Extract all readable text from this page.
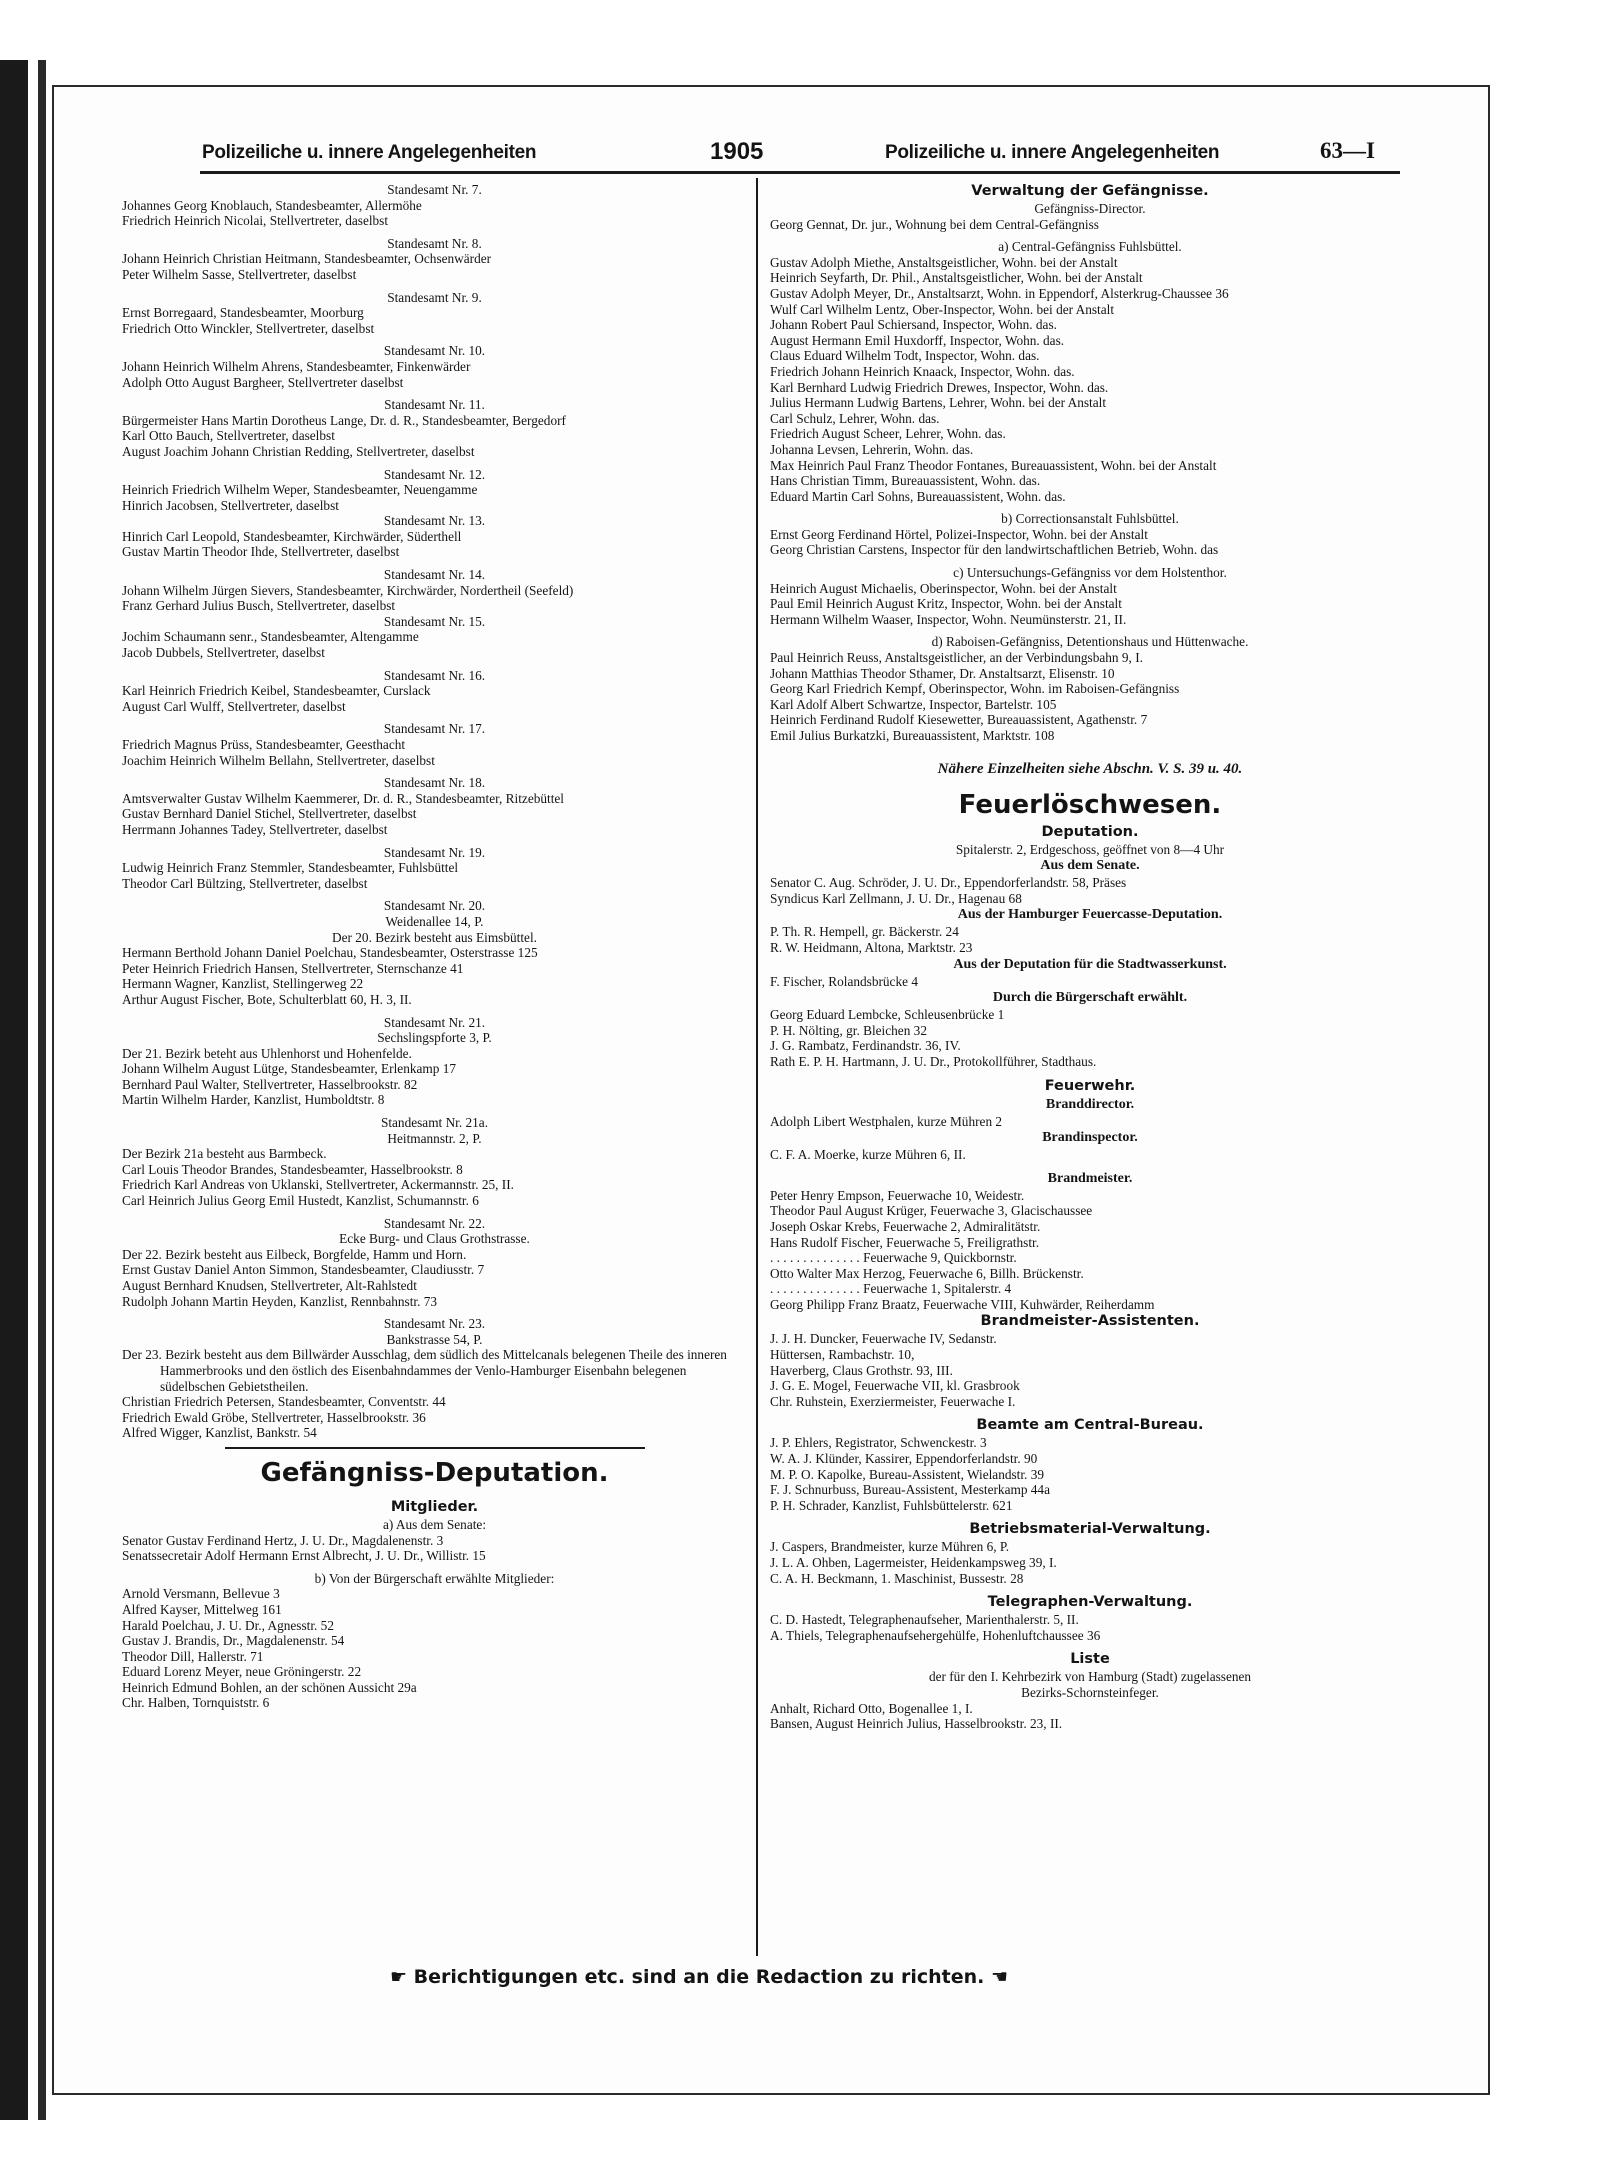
Polizeiliche u. innere Angelegenheiten	1905	Polizeiliche u. innere Angelegenheiten	63—I
Standesamt Nr. 7.
Johannes Georg Knoblauch, Standesbeamter, Allermöhe
Friedrich Heinrich Nicolai, Stellvertreter, daselbst
Standesamt Nr. 8.
Johann Heinrich Christian Heitmann, Standesbeamter, Ochsenwärder
Peter Wilhelm Sasse, Stellvertreter, daselbst
Standesamt Nr. 9.
Ernst Borregaard, Standesbeamter, Moorburg
Friedrich Otto Winckler, Stellvertreter, daselbst
Standesamt Nr. 10.
Johann Heinrich Wilhelm Ahrens, Standesbeamter, Finkenwärder
Adolph Otto August Bargheer, Stellvertreter daselbst
Standesamt Nr. 11.
Bürgermeister Hans Martin Dorotheus Lange, Dr. d. R., Standesbeamter, Bergedorf
Karl Otto Bauch, Stellvertreter, daselbst
August Joachim Johann Christian Redding, Stellvertreter, daselbst
Standesamt Nr. 12.
Heinrich Friedrich Wilhelm Weper, Standesbeamter, Neuengamme
Hinrich Jacobsen, Stellvertreter, daselbst
Standesamt Nr. 13.
Hinrich Carl Leopold, Standesbeamter, Kirchwärder, Süderthell
Gustav Martin Theodor Ihde, Stellvertreter, daselbst
Standesamt Nr. 14.
Johann Wilhelm Jürgen Sievers, Standesbeamter, Kirchwärder, Nordertheil (Seefeld)
Franz Gerhard Julius Busch, Stellvertreter, daselbst
Standesamt Nr. 15.
Jochim Schaumann senr., Standesbeamter, Altengamme
Jacob Dubbels, Stellvertreter, daselbst
Standesamt Nr. 16.
Karl Heinrich Friedrich Keibel, Standesbeamter, Curslack
August Carl Wulff, Stellvertreter, daselbst
Standesamt Nr. 17.
Friedrich Magnus Prüss, Standesbeamter, Geesthacht
Joachim Heinrich Wilhelm Bellahn, Stellvertreter, daselbst
Standesamt Nr. 18.
Amtsverwalter Gustav Wilhelm Kaemmerer, Dr. d. R., Standesbeamter, Ritzebüttel
Gustav Bernhard Daniel Stichel, Stellvertreter, daselbst
Herrmann Johannes Tadey, Stellvertreter, daselbst
Standesamt Nr. 19.
Ludwig Heinrich Franz Stemmler, Standesbeamter, Fuhlsbüttel
Theodor Carl Bültzing, Stellvertreter, daselbst
Standesamt Nr. 20.
Weidenallee 14, P.
Der 20. Bezirk besteht aus Eimsbüttel.
Hermann Berthold Johann Daniel Poelchau, Standesbeamter, Osterstrasse 125
Peter Heinrich Friedrich Hansen, Stellvertreter, Sternschanze 41
Hermann Wagner, Kanzlist, Stellingerweg 22
Arthur August Fischer, Bote, Schulterblatt 60, H. 3, II.
Standesamt Nr. 21.
Sechslingspforte 3, P.
Der 21. Bezirk beteht aus Uhlenhorst und Hohenfelde.
Johann Wilhelm August Lütge, Standesbeamter, Erlenkamp 17
Bernhard Paul Walter, Stellvertreter, Hasselbrookstr. 82
Martin Wilhelm Harder, Kanzlist, Humboldtstr. 8
Standesamt Nr. 21a.
Heitmannstr. 2, P.
Der Bezirk 21a besteht aus Barmbeck.
Carl Louis Theodor Brandes, Standesbeamter, Hasselbrookstr. 8
Friedrich Karl Andreas von Uklanski, Stellvertreter, Ackermannstr. 25, II.
Carl Heinrich Julius Georg Emil Hustedt, Kanzlist, Schumannstr. 6
Standesamt Nr. 22.
Ecke Burg- und Claus Grothstrasse.
Der 22. Bezirk besteht aus Eilbeck, Borgfelde, Hamm und Horn.
Ernst Gustav Daniel Anton Simmon, Standesbeamter, Claudiusstr. 7
August Bernhard Knudsen, Stellvertreter, Alt-Rahlstedt
Rudolph Johann Martin Heyden, Kanzlist, Rennbahnstr. 73
Standesamt Nr. 23.
Bankstrasse 54, P.
Der 23. Bezirk besteht aus dem Billwärder Ausschlag, dem südlich des Mittelcanals belegenen Theile des inneren Hammerbrooks und den östlich des Eisenbahndammes der Venlo-Hamburger Eisenbahn belegenen südelbschen Gebietstheilen.
Christian Friedrich Petersen, Standesbeamter, Conventstr. 44
Friedrich Ewald Gröbe, Stellvertreter, Hasselbrookstr. 36
Alfred Wigger, Kanzlist, Bankstr. 54
Gefängniss-Deputation.
Mitglieder.
a) Aus dem Senate:
Senator Gustav Ferdinand Hertz, J. U. Dr., Magdalenenstr. 3
Senatssecretair Adolf Hermann Ernst Albrecht, J. U. Dr., Willistr. 15
b) Von der Bürgerschaft erwählte Mitglieder:
Arnold Versmann, Bellevue 3
Alfred Kayser, Mittelweg 161
Harald Poelchau, J. U. Dr., Agnesstr. 52
Gustav J. Brandis, Dr., Magdalenenstr. 54
Theodor Dill, Hallerstr. 71
Eduard Lorenz Meyer, neue Gröningerstr. 22
Heinrich Edmund Bohlen, an der schönen Aussicht 29a
Chr. Halben, Tornquiststr. 6
Verwaltung der Gefängnisse.
Gefängniss-Director.
Georg Gennat, Dr. jur., Wohnung bei dem Central-Gefängniss
a) Central-Gefängniss Fuhlsbüttel.
Gustav Adolph Miethe, Anstaltsgeistlicher, Wohn. bei der Anstalt
Heinrich Seyfarth, Dr. Phil., Anstaltsgeistlicher, Wohn. bei der Anstalt
Gustav Adolph Meyer, Dr., Anstaltsarzt, Wohn. in Eppendorf, Alsterkrug-Chaussee 36
Wulf Carl Wilhelm Lentz, Ober-Inspector, Wohn. bei der Anstalt
Johann Robert Paul Schiersand, Inspector, Wohn. das.
August Hermann Emil Huxdorff, Inspector, Wohn. das.
Claus Eduard Wilhelm Todt, Inspector, Wohn. das.
Friedrich Johann Heinrich Knaack, Inspector, Wohn. das.
Karl Bernhard Ludwig Friedrich Drewes, Inspector, Wohn. das.
Julius Hermann Ludwig Bartens, Lehrer, Wohn. bei der Anstalt
Carl Schulz, Lehrer, Wohn. das.
Friedrich August Scheer, Lehrer, Wohn. das.
Johanna Levsen, Lehrerin, Wohn. das.
Max Heinrich Paul Franz Theodor Fontanes, Bureauassistent, Wohn. bei der Anstalt
Hans Christian Timm, Bureauassistent, Wohn. das.
Eduard Martin Carl Sohns, Bureauassistent, Wohn. das.
b) Correctionsanstalt Fuhlsbüttel.
Ernst Georg Ferdinand Hörtel, Polizei-Inspector, Wohn. bei der Anstalt
Georg Christian Carstens, Inspector für den landwirtschaftlichen Betrieb, Wohn. das
c) Untersuchungs-Gefängniss vor dem Holstenthor.
Heinrich August Michaelis, Oberinspector, Wohn. bei der Anstalt
Paul Emil Heinrich August Kritz, Inspector, Wohn. bei der Anstalt
Hermann Wilhelm Waaser, Inspector, Wohn. Neumünsterstr. 21, II.
d) Raboisen-Gefängniss, Detentionshaus und Hüttenwache.
Paul Heinrich Reuss, Anstaltsgeistlicher, an der Verbindungsbahn 9, I.
Johann Matthias Theodor Sthamer, Dr. Anstaltsarzt, Elisenstr. 10
Georg Karl Friedrich Kempf, Oberinspector, Wohn. im Raboisen-Gefängniss
Karl Adolf Albert Schwartze, Inspector, Bartelstr. 105
Heinrich Ferdinand Rudolf Kiesewetter, Bureauassistent, Agathenstr. 7
Emil Julius Burkatzki, Bureauassistent, Marktstr. 108
Nähere Einzelheiten siehe Abschn. V. S. 39 u. 40.
Feuerlöschwesen.
Deputation.
Spitalerstr. 2, Erdgeschoss, geöffnet von 8—4 Uhr
Aus dem Senate.
Senator C. Aug. Schröder, J. U. Dr., Eppendorferlandstr. 58, Präses
Syndicus Karl Zellmann, J. U. Dr., Hagenau 68
Aus der Hamburger Feuercasse-Deputation.
P. Th. R. Hempell, gr. Bäckerstr. 24
R. W. Heidmann, Altona, Marktstr. 23
Aus der Deputation für die Stadtwasserkunst.
F. Fischer, Rolandsbrücke 4
Durch die Bürgerschaft erwählt.
Georg Eduard Lembcke, Schleusenbrücke 1
P. H. Nölting, gr. Bleichen 32
J. G. Rambatz, Ferdinandstr. 36, IV.
Rath E. P. H. Hartmann, J. U. Dr., Protokollführer, Stadthaus.
Feuerwehr.
Branddirector.
Adolph Libert Westphalen, kurze Mühren 2
Brandinspector.
C. F. A. Moerke, kurze Mühren 6, II.
Brandmeister.
Peter Henry Empson, Feuerwache 10, Weidestr.
Theodor Paul August Krüger, Feuerwache 3, Glacischaussee
Joseph Oskar Krebs, Feuerwache 2, Admiralitätstr.
Hans Rudolf Fischer, Feuerwache 5, Freiligrathstr.
. . . . . . . . . . . . . . Feuerwache 9, Quickbornstr.
Otto Walter Max Herzog, Feuerwache 6, Billh. Brückenstr.
. . . . . . . . . . . . . . Feuerwache 1, Spitalerstr. 4
Georg Philipp Franz Braatz, Feuerwache VIII, Kuhwärder, Reiherdamm
Brandmeister-Assistenten.
J. J. H. Duncker, Feuerwache IV, Sedanstr.
Hüttersen, Rambachstr. 10,
Haverberg, Claus Grothstr. 93, III.
J. G. E. Mogel, Feuerwache VII, kl. Grasbrook
Chr. Ruhstein, Exerziermeister, Feuerwache I.
Beamte am Central-Bureau.
J. P. Ehlers, Registrator, Schwenckestr. 3
W. A. J. Klünder, Kassirer, Eppendorferlandstr. 90
M. P. O. Kapolke, Bureau-Assistent, Wielandstr. 39
F. J. Schnurbuss, Bureau-Assistent, Mesterkamp 44a
P. H. Schrader, Kanzlist, Fuhlsbüttelerstr. 621
Betriebsmaterial-Verwaltung.
J. Caspers, Brandmeister, kurze Mühren 6, P.
J. L. A. Ohben, Lagermeister, Heidenkampsweg 39, I.
C. A. H. Beckmann, 1. Maschinist, Bussestr. 28
Telegraphen-Verwaltung.
C. D. Hastedt, Telegraphenaufseher, Marienthalerstr. 5, II.
A. Thiels, Telegraphenaufsehergehülfe, Hohenluftchaussee 36
Liste
der für den I. Kehrbezirk von Hamburg (Stadt) zugelassenen
Bezirks-Schornsteinfeger.
Anhalt, Richard Otto, Bogenallee 1, I.
Bansen, August Heinrich Julius, Hasselbrookstr. 23, II.
☛ Berichtigungen etc. sind an die Redaction zu richten. ☚
